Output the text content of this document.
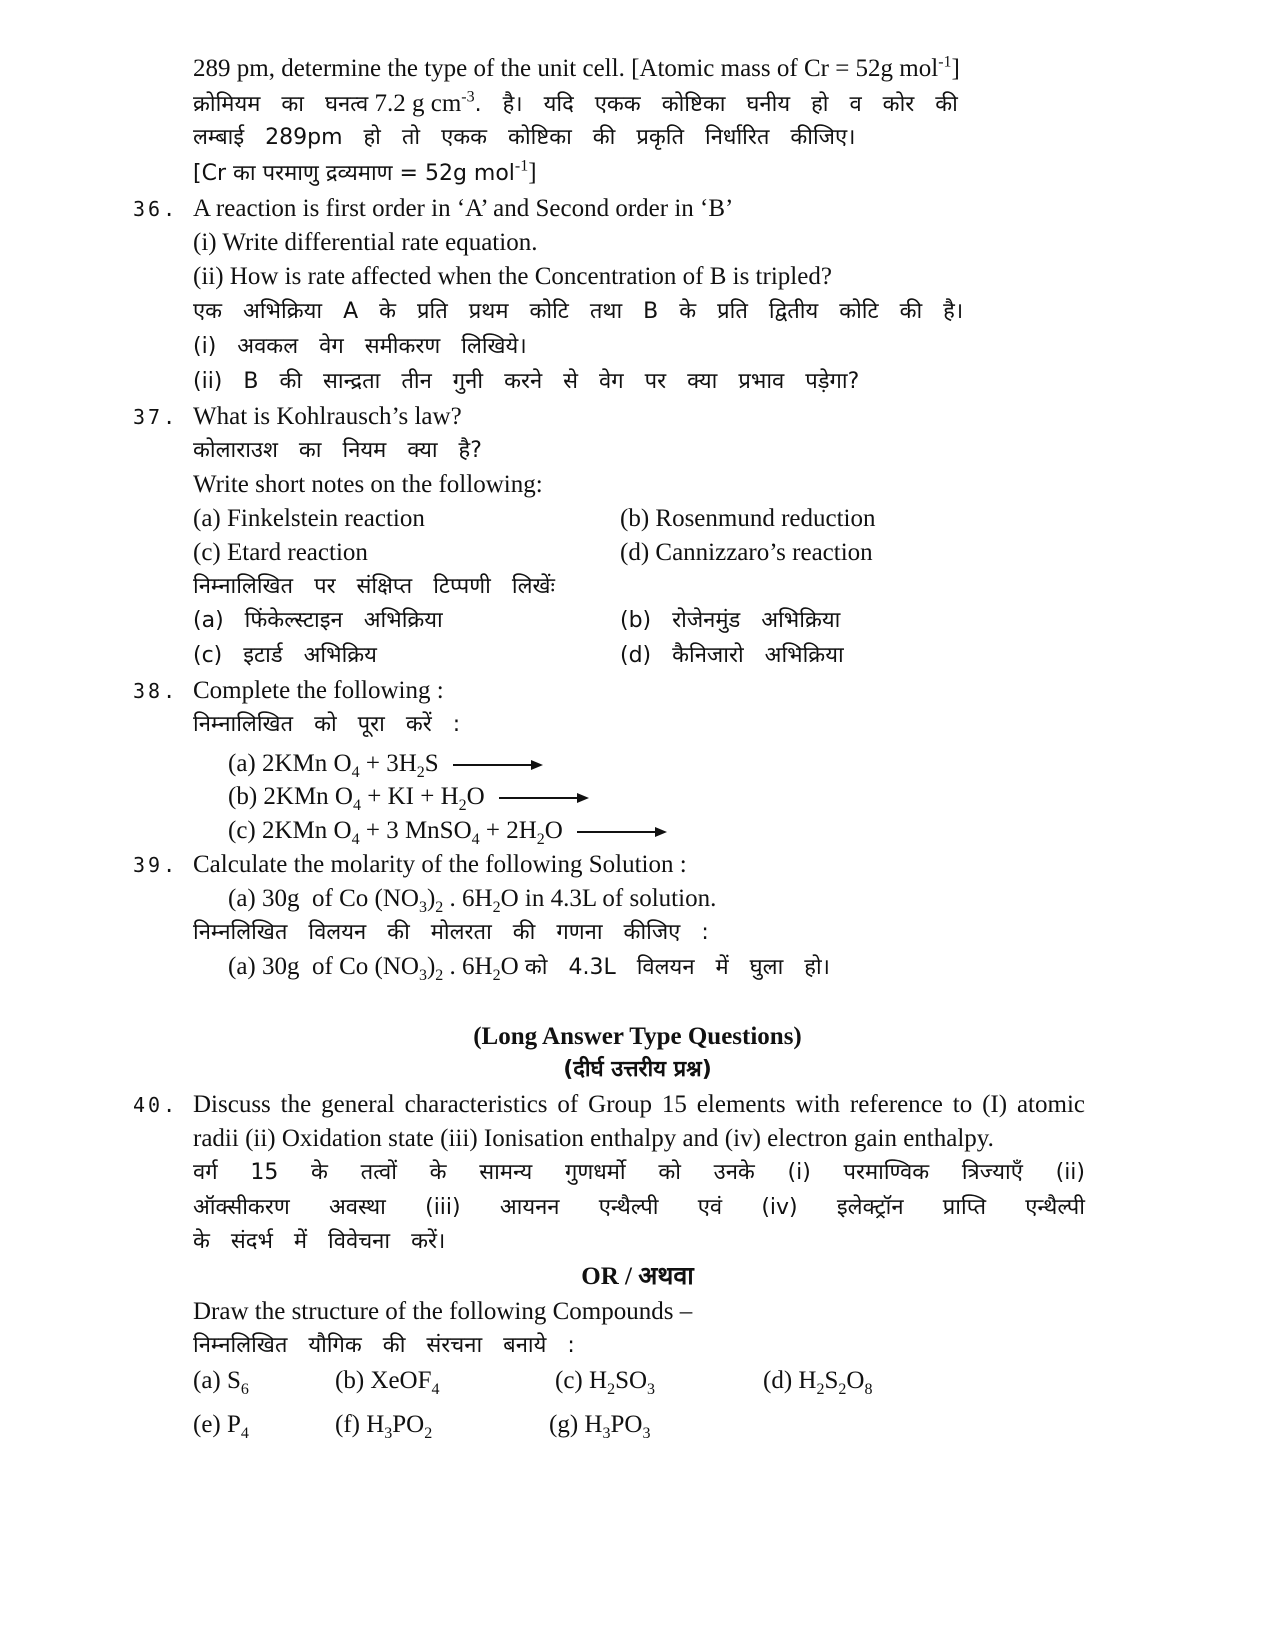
289 pm, determine the type of the unit cell. [Atomic mass of Cr = 52g mol$^{-1}$]
क्रोमियम का घनत्व 7.2 g $cm^{-3}$. है। यदि एकक कोष्टिका घनीय हो व कोर की
लम्बाई 289pm हो तो एकक कोष्टिका की प्रकृति निर्धारित कीजिए।
[Cr का परमाणु द्रव्यमाण = 52g mol$^{-1}$]
36. A reaction is first order in ‘A’ and Second order in ‘B’
(i) Write differential rate equation.
(ii) How is rate affected when the Concentration of B is tripled?
एक अभिक्रिया A के प्रति प्रथम कोटि तथा B के प्रति द्वितीय कोटि की है।
(i) अवकल वेग समीकरण लिखिये।
(ii) B की सान्द्रता तीन गुनी करने से वेग पर क्या प्रभाव पड़ेगा?
37. What is Kohlrausch’s law?
कोलाराउश का नियम क्या है?
Write short notes on the following:
(a) Finkelstein reaction	(b) Rosenmund reduction
(c) Etard reaction	(d) Cannizzaro’s reaction
निम्नालिखित पर संक्षिप्त टिप्पणी लिखेंः
(a) फिंकेल्स्टाइन अभिक्रिया	(b) रोजेनमुंड अभिक्रिया
(c) इटार्ड अभिक्रिय	(d) कैनिजारो अभिक्रिया
38. Complete the following :
निम्नालिखित को पूरा करें :
(a) 2KMn $O_4 + 3H_2S$ →
(b) 2KMn $O_4$ + KI + $H_2O$ →
(c) 2KMn $O_4 + 3$ MnSO$_4$ + $2H_2O$ →
39. Calculate the molarity of the following Solution :
(a) 30g  of Co $(NO_3)_2$ . $6H_2O$ in 4.3L of solution.
निम्नलिखित विलयन की मोलरता की गणना कीजिए :
(a) 30g  of Co $(NO_3)_2$ . $6H_2O$ को 4.3L विलयन में घुला हो।
(Long Answer Type Questions)
(दीर्घ उत्तरीय प्रश्न)
40. Discuss the general characteristics of Group 15 elements with reference to (I) atomic
radii (ii) Oxidation state (iii) Ionisation enthalpy and (iv) electron gain enthalpy.
वर्ग 15 के तत्वों के सामन्य गुणधर्मो को उनके (i) परमाण्विक त्रिज्याएँ (ii)
ऑक्सीकरण अवस्था (iii) आयनन एन्थैल्पी एवं (iv) इलेक्ट्रॉन प्राप्ति एन्थैल्पी
के संदर्भ में विवेचना करें।
OR / अथवा
Draw the structure of the following Compounds –
निम्नलिखित यौगिक की संरचना बनाये :
(a) $S_6$	(b) XeOF$_4$	(c) $H_2SO_3$	(d) $H_2S_2O_8$
(e) $P_4$	(f) $H_3PO_2$	(g) $H_3PO_3$
